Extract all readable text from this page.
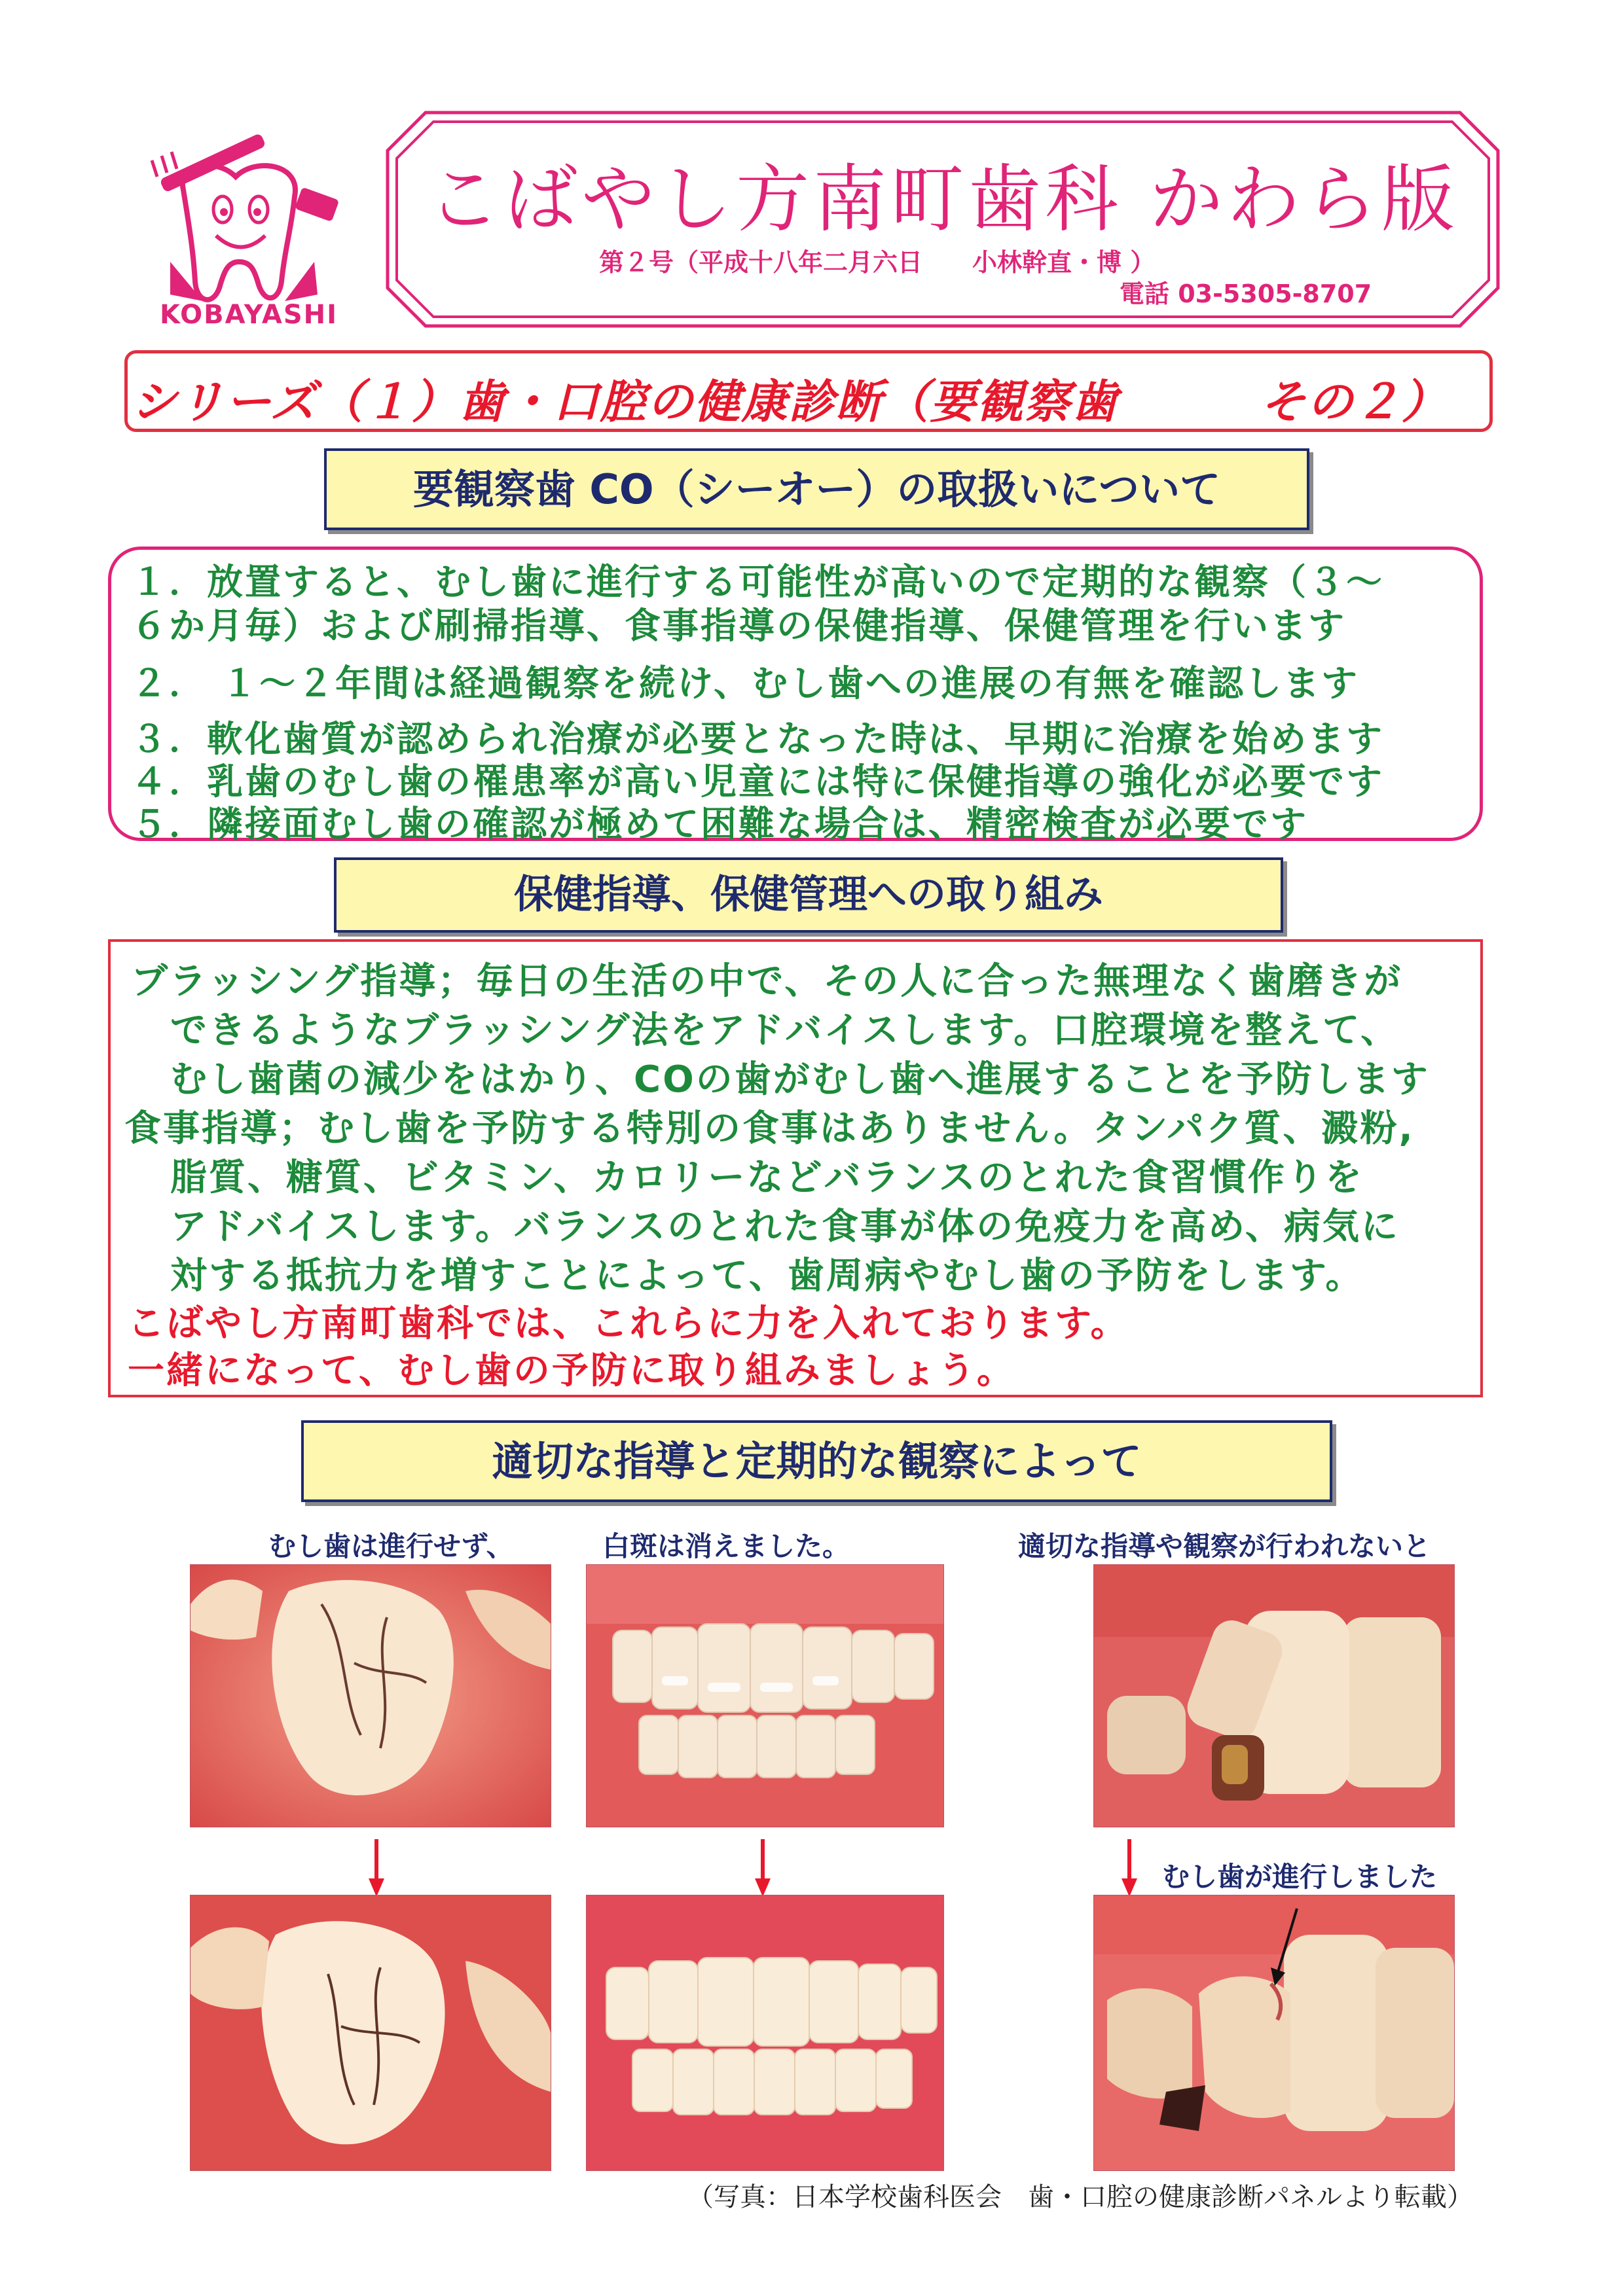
KOBAYASHI
こばやし方南町歯科 かわら版
第２号（平成十八年二月六日　　小林幹直・博 ）
電話 03-5305-8707
シリーズ（１）歯・口腔の健康診断（要観察歯　　　その２）
要観察歯 CO（シーオー）の取扱いについて
１．放置すると、むし歯に進行する可能性が高いので定期的な観察（３〜
６か月毎）および刷掃指導、食事指導の保健指導、保健管理を行います
２． １〜２年間は経過観察を続け、むし歯への進展の有無を確認します
３．軟化歯質が認められ治療が必要となった時は、早期に治療を始めます
４．乳歯のむし歯の罹患率が高い児童には特に保健指導の強化が必要です
５．隣接面むし歯の確認が極めて困難な場合は、精密検査が必要です
保健指導、保健管理への取り組み
ブラッシング指導；毎日の生活の中で、その人に合った無理なく歯磨きが
できるようなブラッシング法をアドバイスします。口腔環境を整えて、
むし歯菌の減少をはかり、COの歯がむし歯へ進展することを予防します
食事指導；むし歯を予防する特別の食事はありません。タンパク質、澱粉,
脂質、糖質、ビタミン、カロリーなどバランスのとれた食習慣作りを
アドバイスします。バランスのとれた食事が体の免疫力を高め、病気に
対する抵抗力を増すことによって、歯周病やむし歯の予防をします。
こばやし方南町歯科では、これらに力を入れております。
一緒になって、むし歯の予防に取り組みましょう。
適切な指導と定期的な観察によって
むし歯は進行せず、	白斑は消えました。	適切な指導や観察が行われないと
むし歯が進行しました
（写真：日本学校歯科医会　歯・口腔の健康診断パネルより転載）
